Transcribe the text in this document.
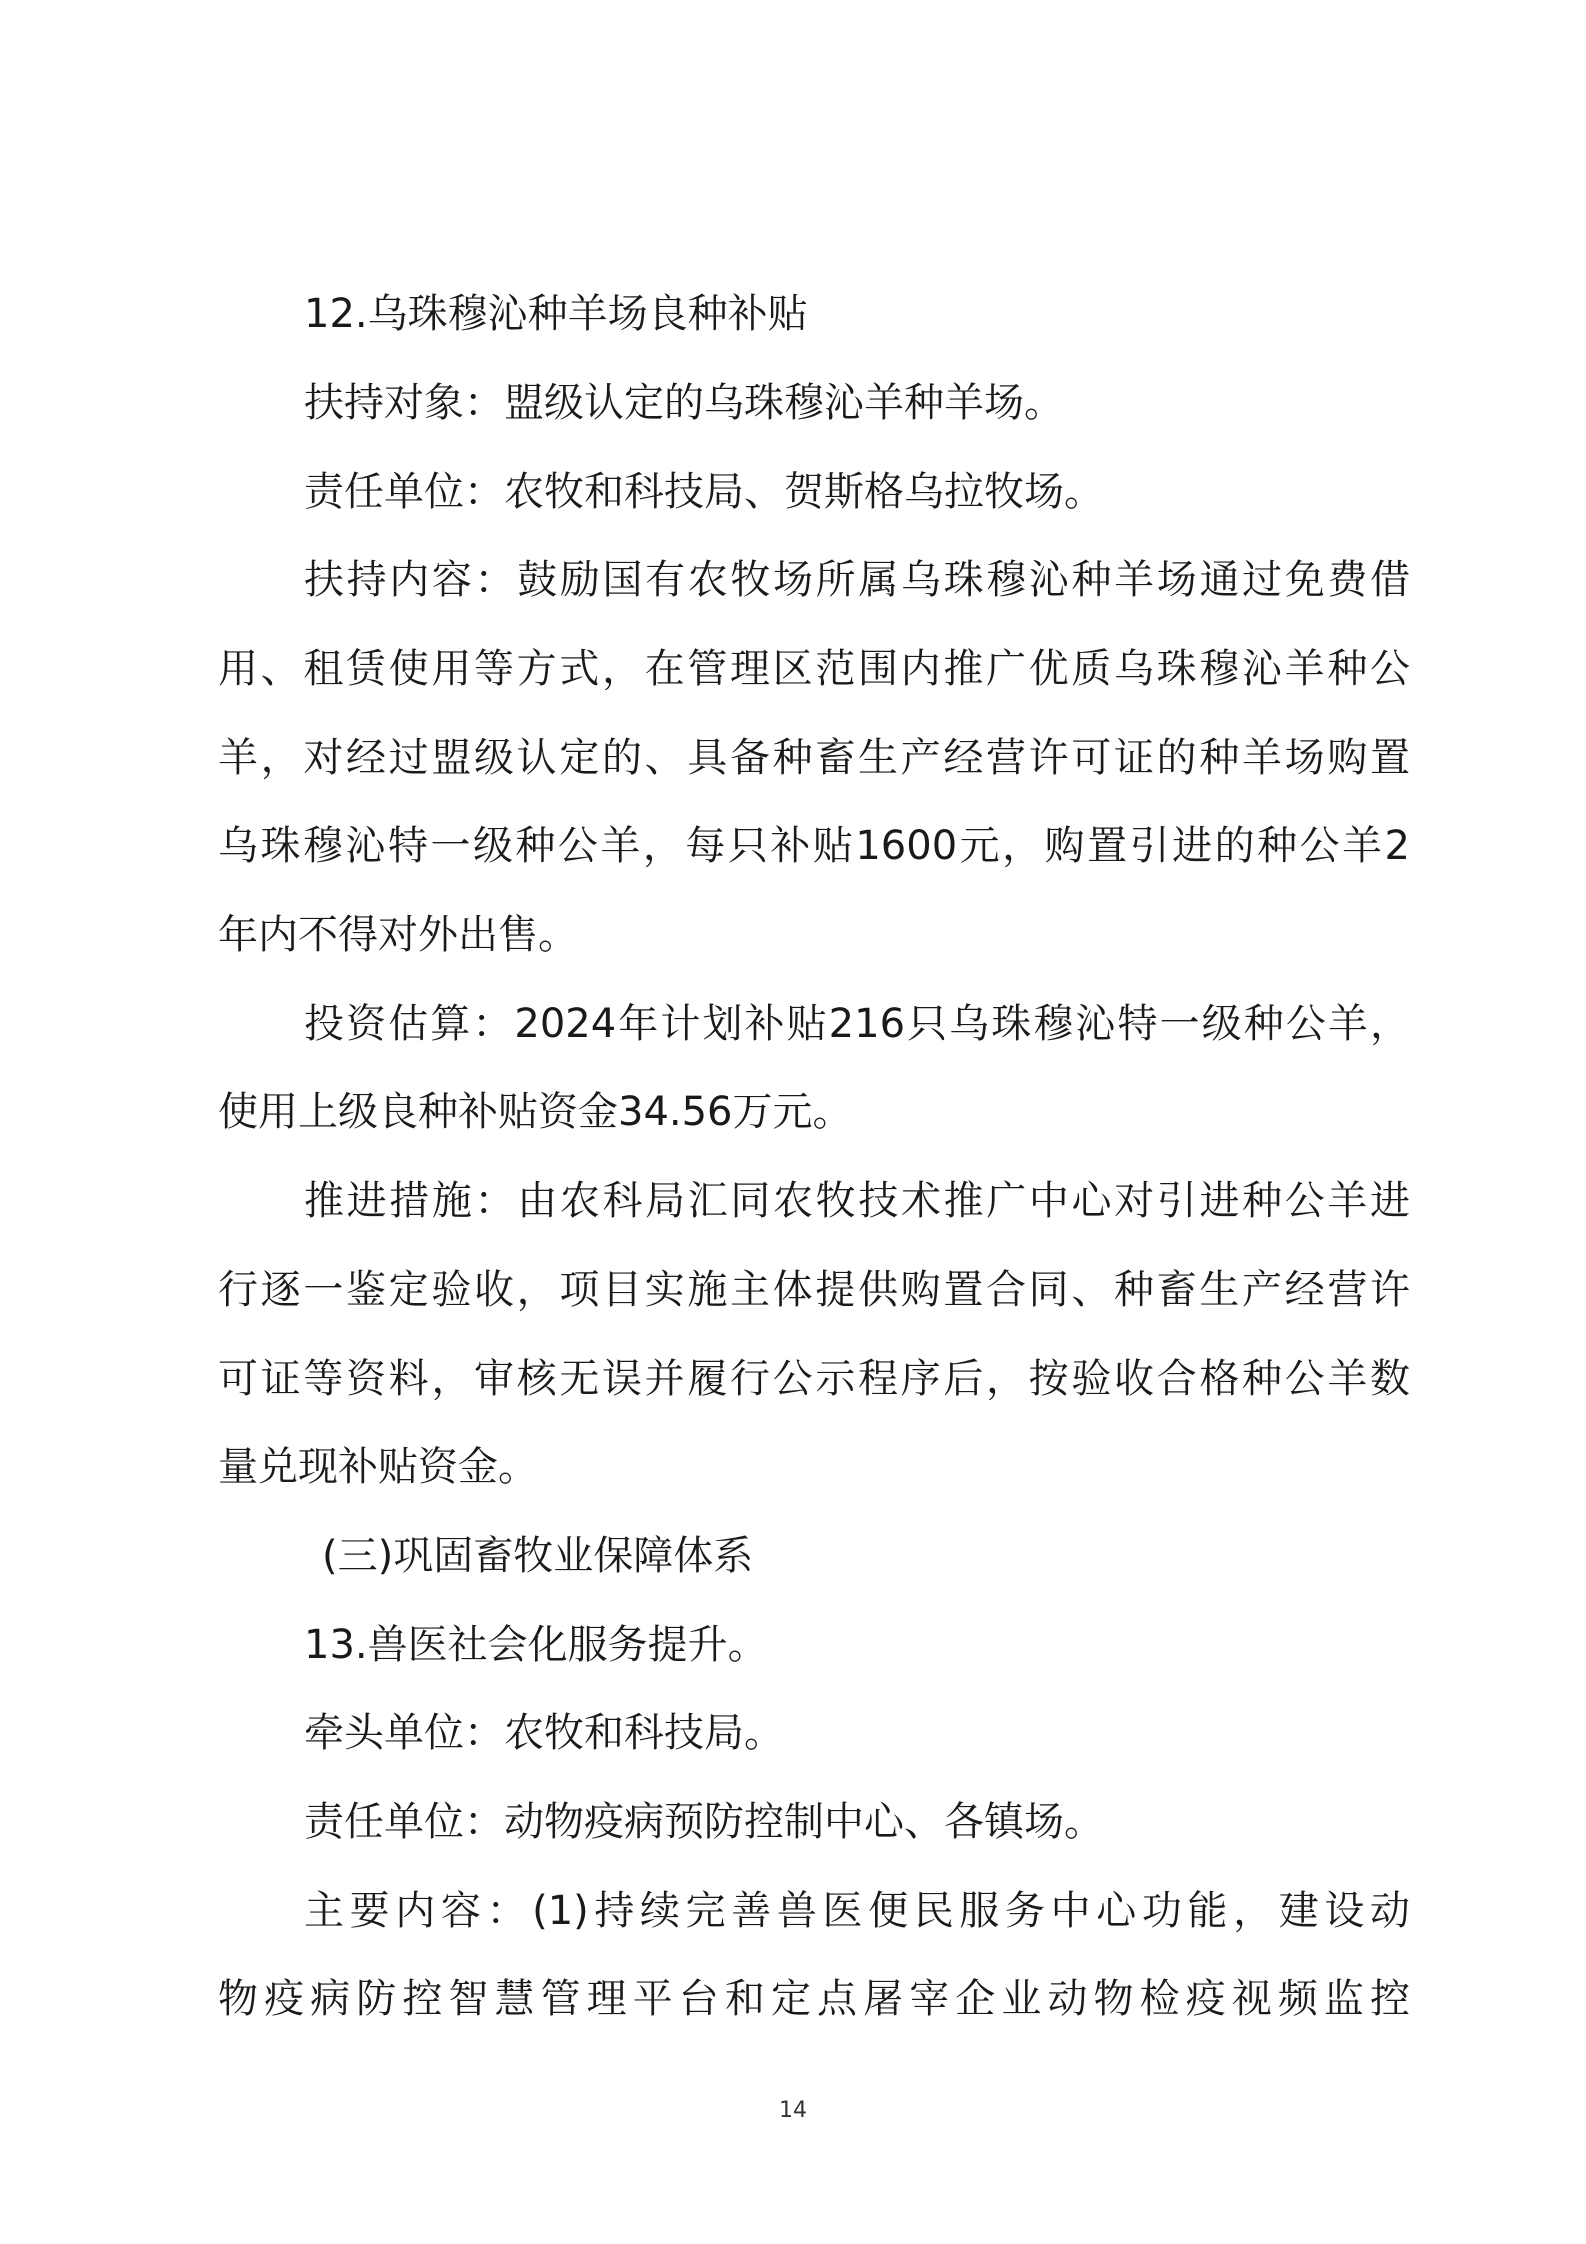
12.乌珠穆沁种羊场良种补贴
扶持对象：盟级认定的乌珠穆沁羊种羊场。
责任单位：农牧和科技局、贺斯格乌拉牧场。
扶持内容：鼓励国有农牧场所属乌珠穆沁种羊场通过免费借
用、租赁使用等方式，在管理区范围内推广优质乌珠穆沁羊种公
羊，对经过盟级认定的、具备种畜生产经营许可证的种羊场购置
乌珠穆沁特一级种公羊，每只补贴1600元，购置引进的种公羊2
年内不得对外出售。
投资估算：2024年计划补贴216只乌珠穆沁特一级种公羊，
使用上级良种补贴资金34.56万元。
推进措施：由农科局汇同农牧技术推广中心对引进种公羊进
行逐一鉴定验收，项目实施主体提供购置合同、种畜生产经营许
可证等资料，审核无误并履行公示程序后，按验收合格种公羊数
量兑现补贴资金。
(三)巩固畜牧业保障体系
13.兽医社会化服务提升。
牵头单位：农牧和科技局。
责任单位：动物疫病预防控制中心、各镇场。
主要内容：(1)持续完善兽医便民服务中心功能，建设动
物疫病防控智慧管理平台和定点屠宰企业动物检疫视频监控
14
